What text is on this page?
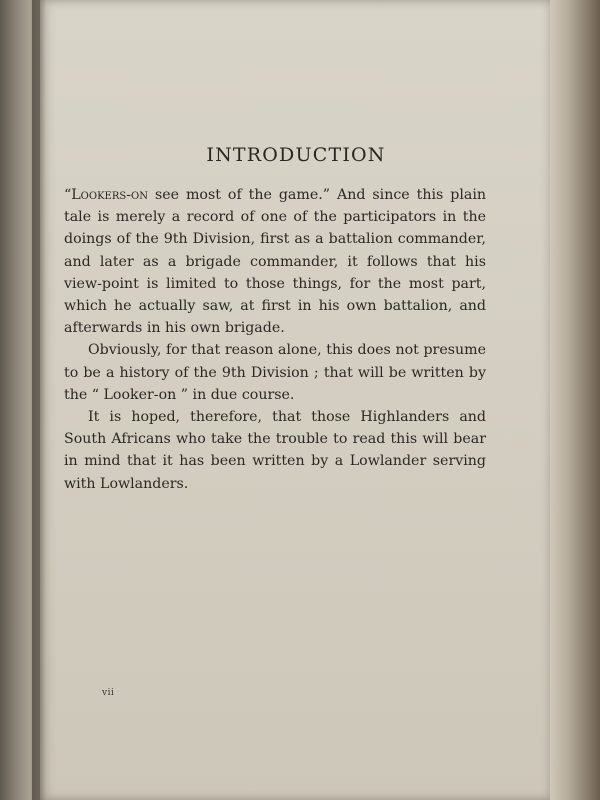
INTRODUCTION

“Lookers-on see most of the game.” And since this plain tale is merely a record of one of the participators in the doings of the 9th Division, first as a battalion commander, and later as a brigade commander, it follows that his view-point is limited to those things, for the most part, which he actually saw, at first in his own battalion, and afterwards in his own brigade.

Obviously, for that reason alone, this does not presume to be a history of the 9th Division ; that will be written by the “ Looker-on ” in due course.

It is hoped, therefore, that those Highlanders and South Africans who take the trouble to read this will bear in mind that it has been written by a Lowlander serving with Lowlanders.

vii
